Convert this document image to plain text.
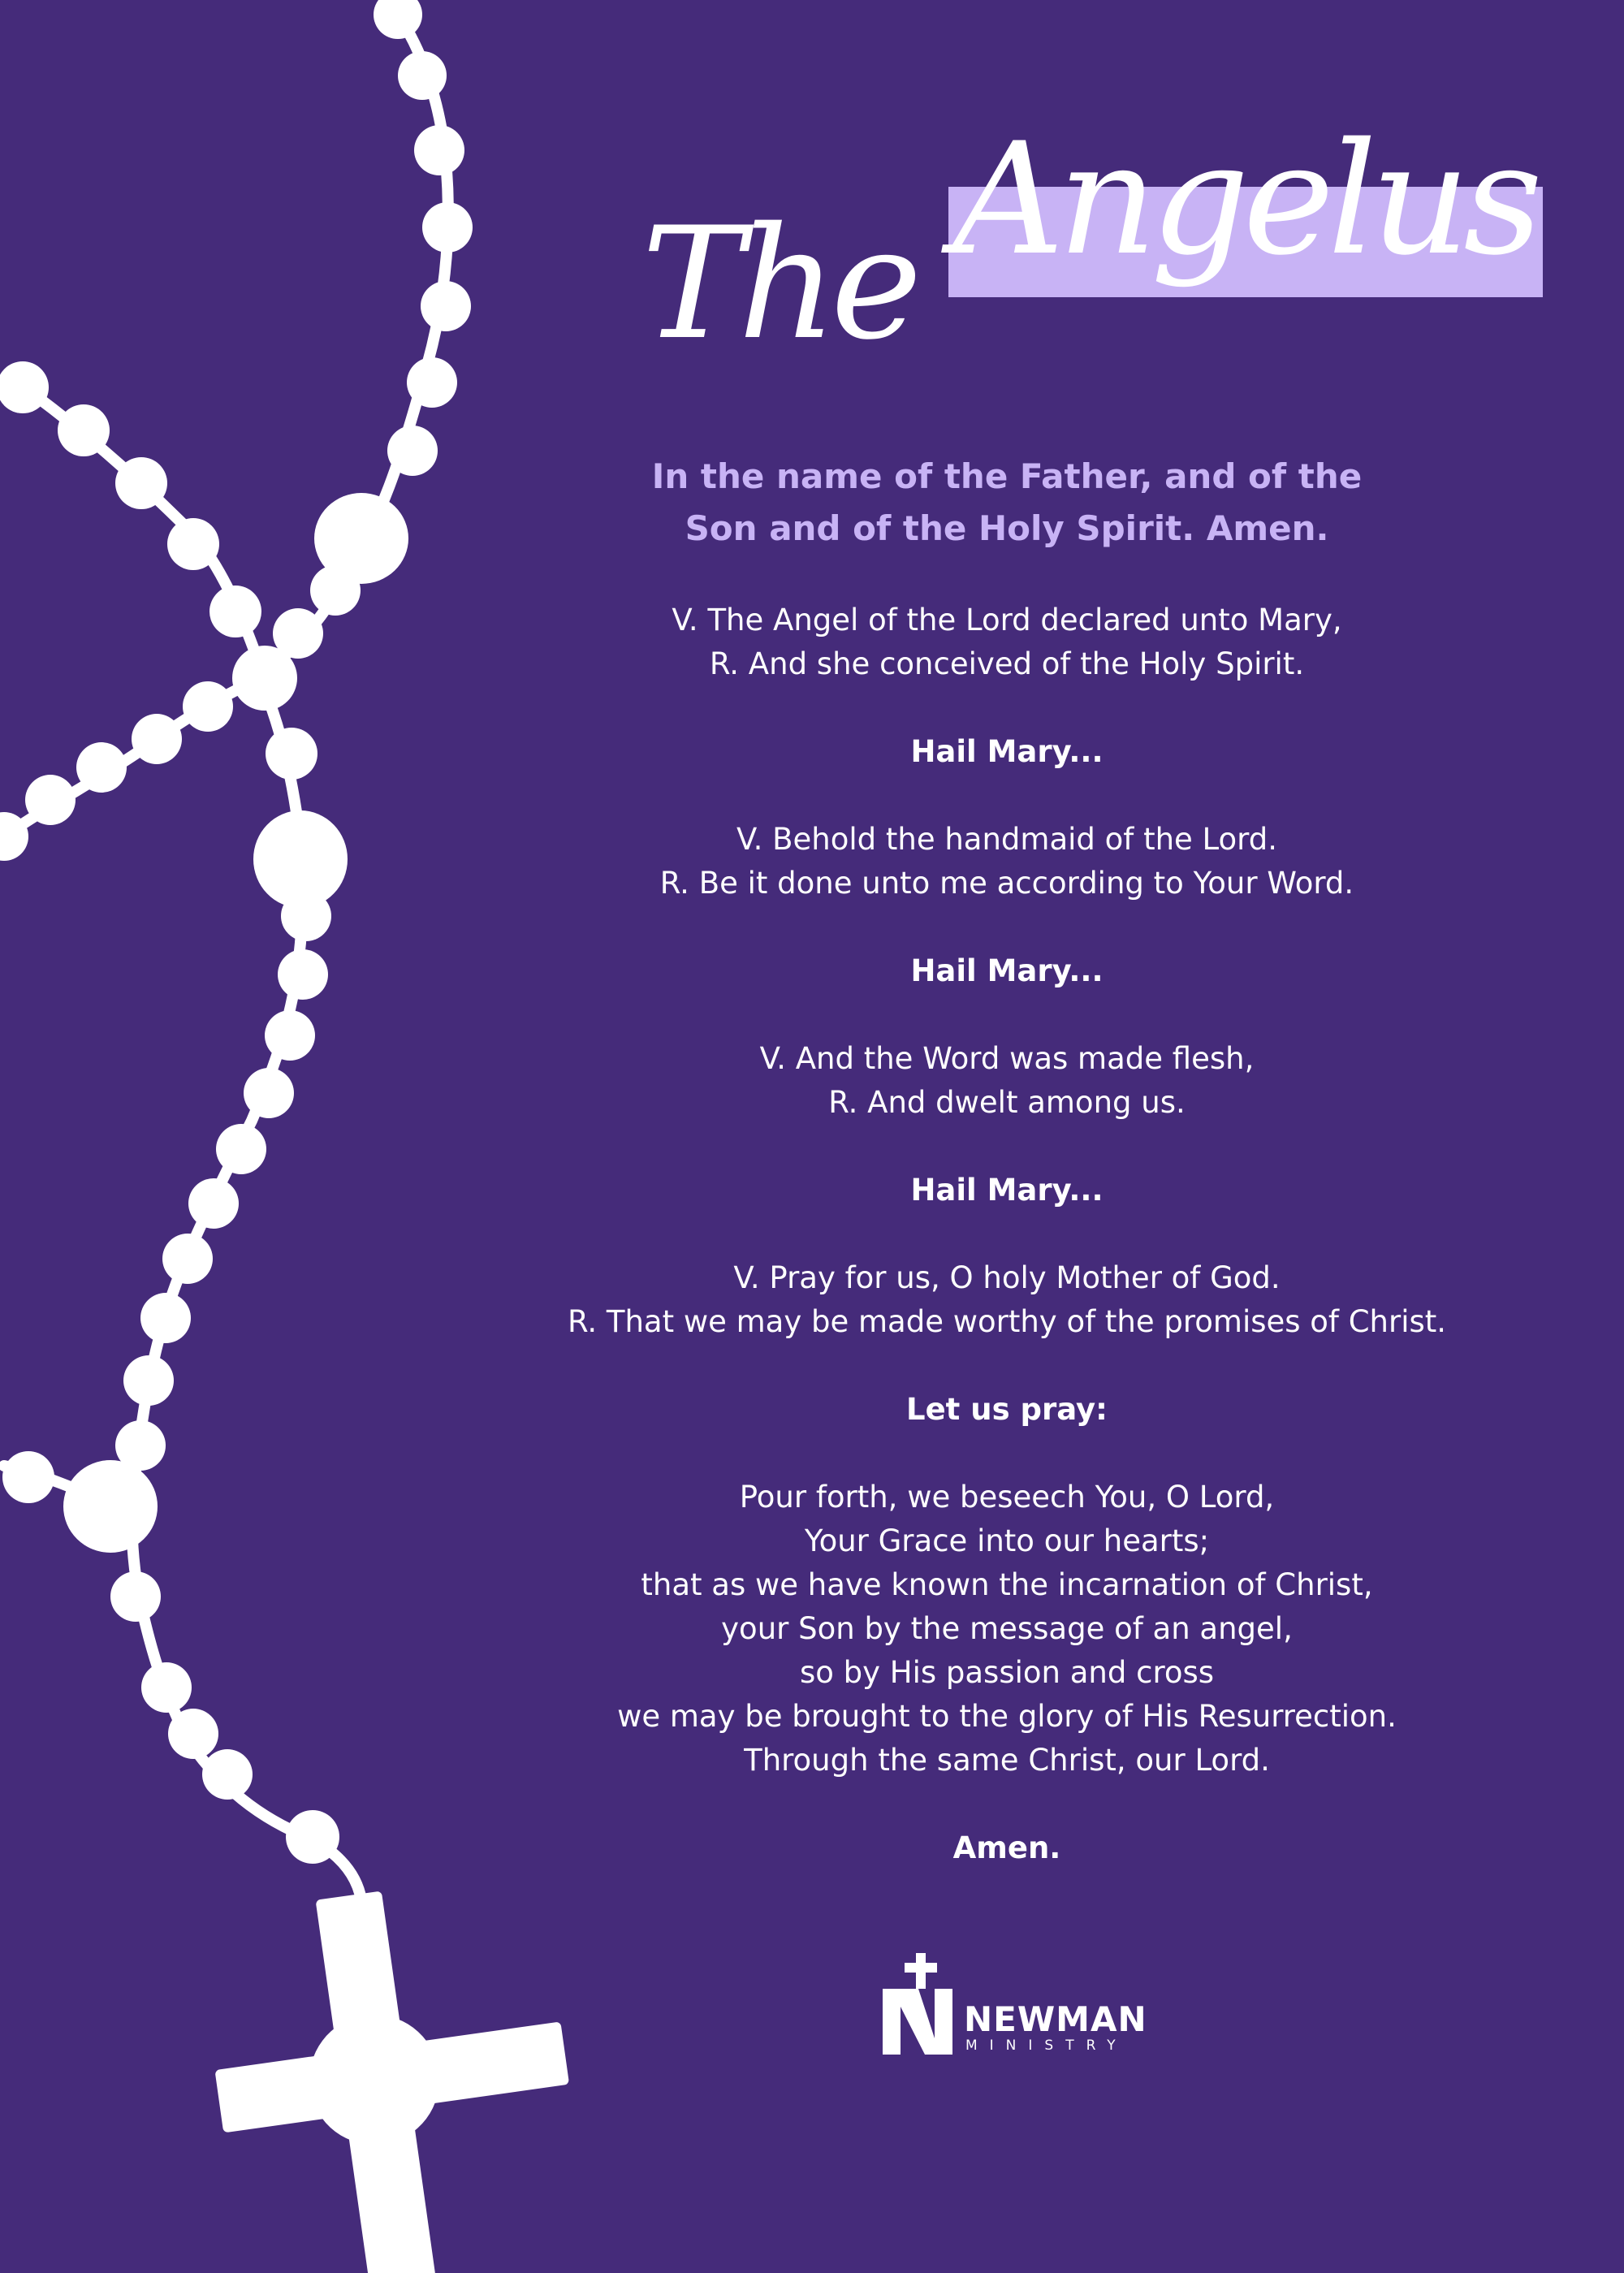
The Angelus

In the name of the Father, and of the
Son and of the Holy Spirit. Amen.

V. The Angel of the Lord declared unto Mary,
R. And she conceived of the Holy Spirit.

Hail Mary...

V. Behold the handmaid of the Lord.
R. Be it done unto me according to Your Word.

Hail Mary...

V. And the Word was made flesh,
R. And dwelt among us.

Hail Mary...

V. Pray for us, O holy Mother of God.
R. That we may be made worthy of the promises of Christ.

Let us pray:

Pour forth, we beseech You, O Lord,
Your Grace into our hearts;
that as we have known the incarnation of Christ,
your Son by the message of an angel,
so by His passion and cross
we may be brought to the glory of His Resurrection.
Through the same Christ, our Lord.

Amen.

NEWMAN
MINISTRY
